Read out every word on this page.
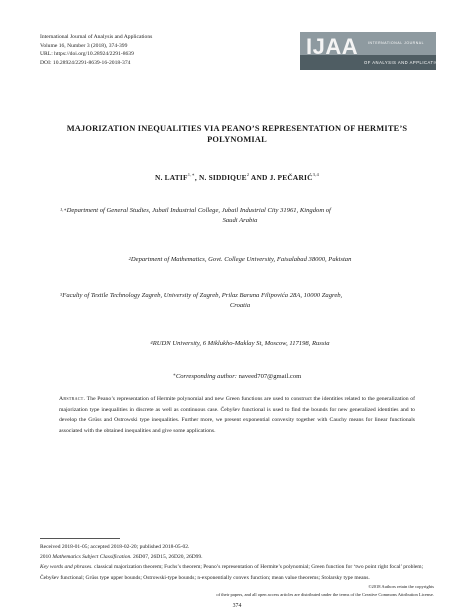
International Journal of Analysis and Applications
Volume 16, Number 3 (2018), 374-399
URL: https://doi.org/10.28924/2291-8639
DOI: 10.28924/2291-8639-16-2018-374
IJAA	INTERNATIONAL JOURNAL
OF ANALYSIS AND APPLICATIONS
MAJORIZATION INEQUALITIES VIA PEANO’S REPRESENTATION OF HERMITE’S
POLYNOMIAL
N. $LATIF^{1,∗}$, N. SIDDIQUE$^2$ AND J. PEČARIĆ$^{3,4}$
$^{1,∗}$Department of General Studies, Jubail Industrial College, Jubail Industrial City 31961, Kingdom of
Saudi Arabia
$^2$Department of Mathematics, Govt. College University, Faisalabad 38000, Pakistan
$^3$Faculty of Textile Technology Zagreb, University of Zagreb, Prilaz Baruna Filipovića 28A, 10000 Zagreb,
Croatia
$^4$RUDN University, 6 Miklukho-Maklay St, Moscow, 117198, Russia
∗Corresponding author: naveed707@gmail.com
Abstract. The Peano’s representation of Hermite polynomial and new Green functions are used to construct the identities related to the generalization of majorization type inequalities in discrete as well as continuous case. Čebyšev functional is used to find the bounds for new generalized identities and to develop the Grüss and Ostrowski type inequalities. Further more, we present exponential convexity together with Cauchy means for linear functionals associated with the obtained inequalities and give some applications.
Received 2018-01-05; accepted 2018-02-20; published 2018-05-02.
2010 Mathematics Subject Classification. 26D07, 26D15, 26D20, 26D99.
Key words and phrases. classical majorization theorem; Fuchs’s theorem; Peano’s representation of Hermite’s polynomial; Green function for ‘two point right focal’ problem; Čebyšev functional; Grüss type upper bounds; Ostrowski-type bounds; n-exponentially convex function; mean value theorems; Stolarsky type means.
©2018 Authors retain the copyrights
of their papers, and all open access articles are distributed under the terms of the Creative Commons Attribution License.
374
